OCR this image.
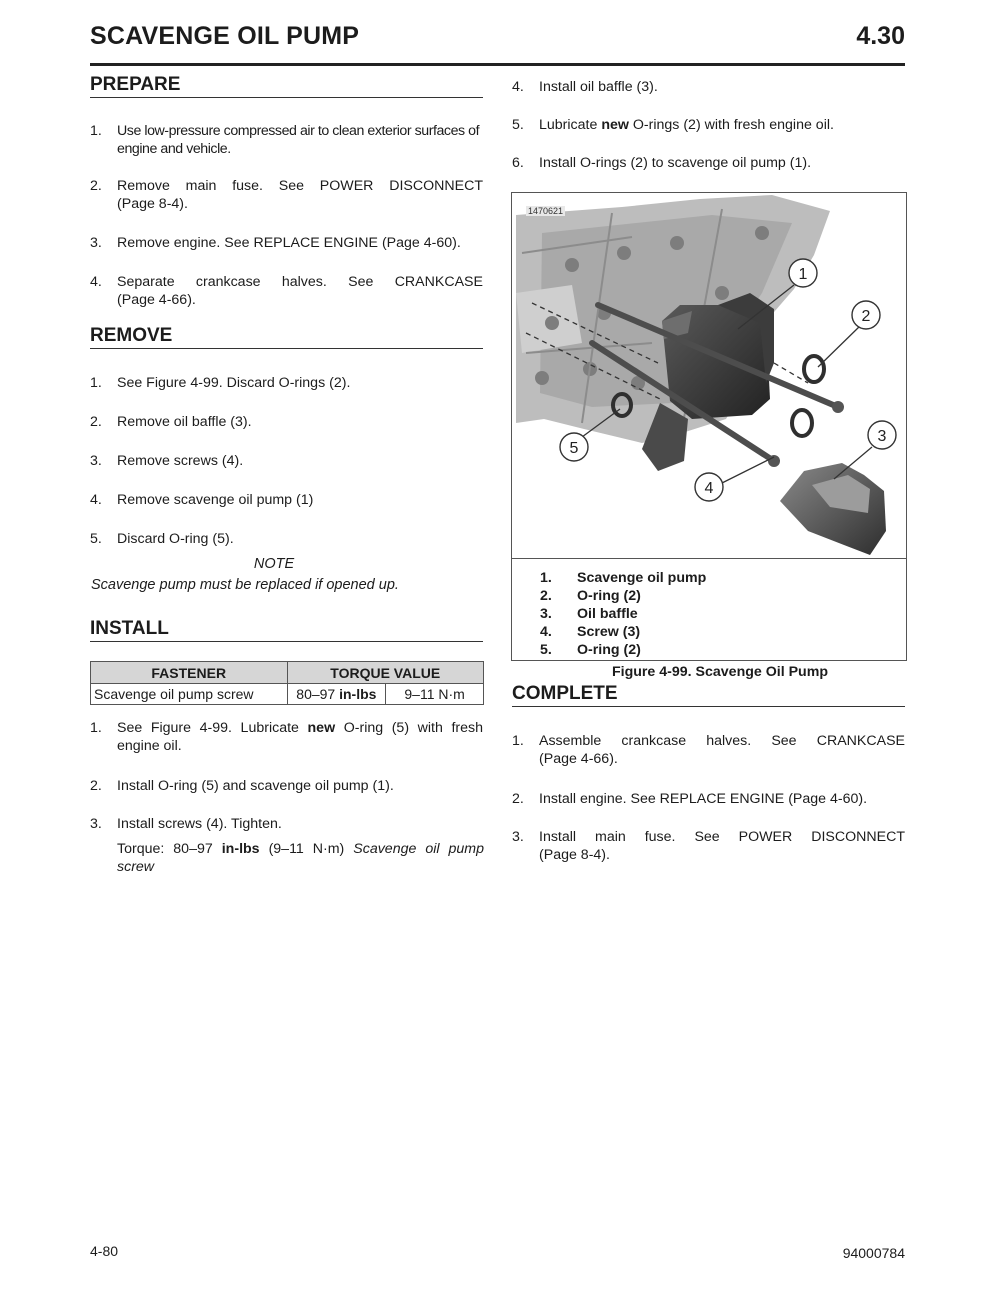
SCAVENGE OIL PUMP	4.30
PREPARE
1. Use low-pressure compressed air to clean exterior surfaces of engine and vehicle.
2. Remove main fuse. See POWER DISCONNECT
(Page 8-4).
3. Remove engine. See REPLACE ENGINE (Page 4-60).
4. Separate crankcase halves. See CRANKCASE
(Page 4-66).
REMOVE
1. See Figure 4-99. Discard O-rings (2).
2. Remove oil baffle (3).
3. Remove screws (4).
4. Remove scavenge oil pump (1)
5. Discard O-ring (5).
NOTE
Scavenge pump must be replaced if opened up.
INSTALL
FASTENER	TORQUE VALUE	
Scavenge oil pump screw	80–97 in-lbs	9–11 N·m
1. See Figure 4-99. Lubricate new O-ring (5) with fresh
engine oil.
2. Install O-ring (5) and scavenge oil pump (1).
3. Install screws (4). Tighten.
Torque: 80–97 in-lbs (9–11 N·m) Scavenge oil pump
screw
4. Install oil baffle (3).
5. Lubricate new O-rings (2) with fresh engine oil.
6. Install O-rings (2) to scavenge oil pump (1).
1
2
3
4
5
1470621
1. Scavenge oil pump
2. O-ring (2)
3. Oil baffle
4. Screw (3)
5. O-ring (2)
Figure 4-99. Scavenge Oil Pump
COMPLETE
1. Assemble crankcase halves. See CRANKCASE
(Page 4-66).
2. Install engine. See REPLACE ENGINE (Page 4-60).
3. Install main fuse. See POWER DISCONNECT
(Page 8-4).
4-80	94000784
